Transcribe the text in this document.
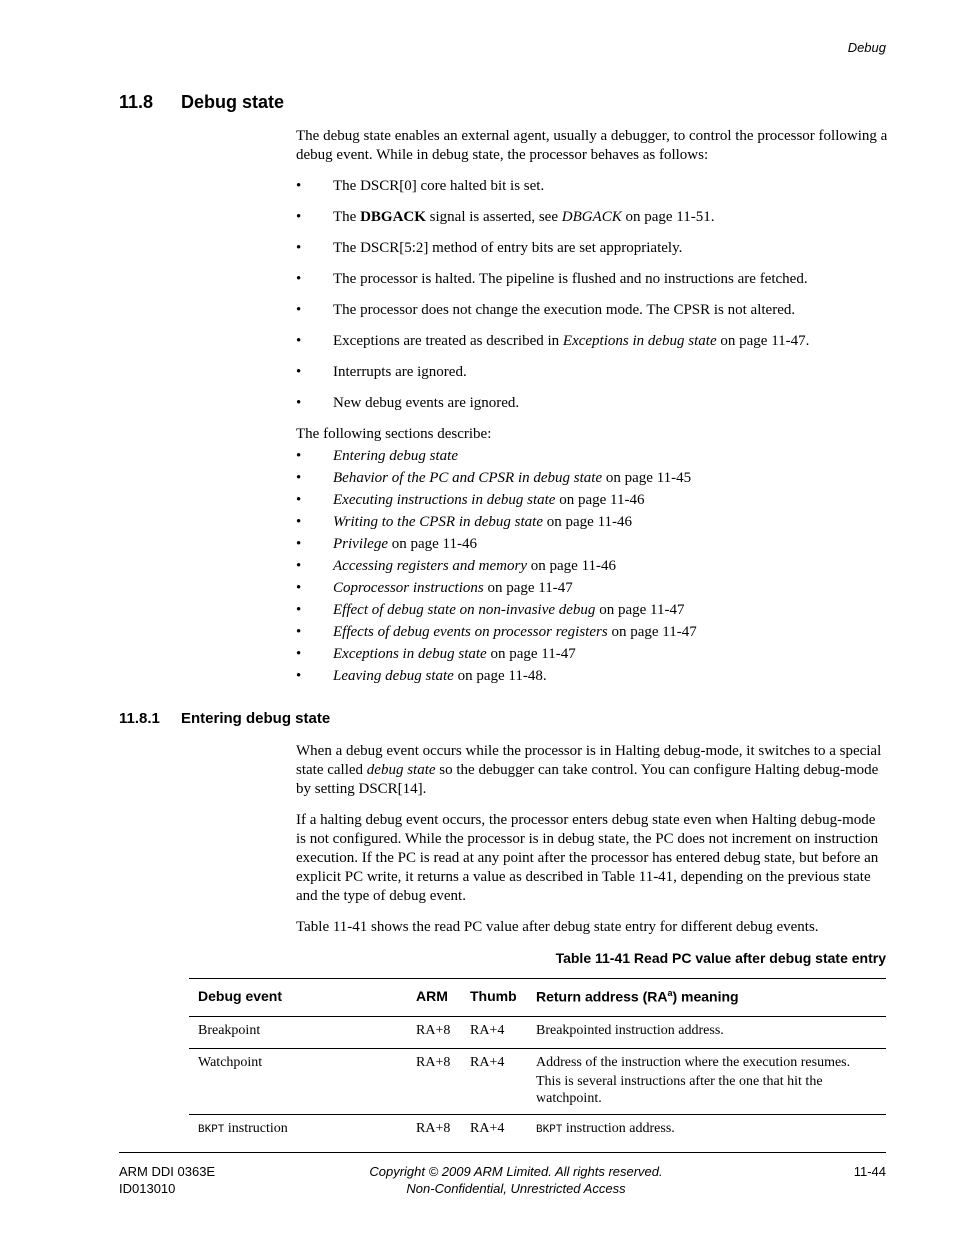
Debug
11.8 Debug state

The debug state enables an external agent, usually a debugger, to control the processor following a debug event. While in debug state, the processor behaves as follows:

• The DSCR[0] core halted bit is set.
• The DBGACK signal is asserted, see DBGACK on page 11-51.
• The DSCR[5:2] method of entry bits are set appropriately.
• The processor is halted. The pipeline is flushed and no instructions are fetched.
• The processor does not change the execution mode. The CPSR is not altered.
• Exceptions are treated as described in Exceptions in debug state on page 11-47.
• Interrupts are ignored.
• New debug events are ignored.

The following sections describe:

• Entering debug state
• Behavior of the PC and CPSR in debug state on page 11-45
• Executing instructions in debug state on page 11-46
• Writing to the CPSR in debug state on page 11-46
• Privilege on page 11-46
• Accessing registers and memory on page 11-46
• Coprocessor instructions on page 11-47
• Effect of debug state on non-invasive debug on page 11-47
• Effects of debug events on processor registers on page 11-47
• Exceptions in debug state on page 11-47
• Leaving debug state on page 11-48.
11.8.1 Entering debug state

When a debug event occurs while the processor is in Halting debug-mode, it switches to a special state called debug state so the debugger can take control. You can configure Halting debug-mode by setting DSCR[14].

If a halting debug event occurs, the processor enters debug state even when Halting debug-mode is not configured. While the processor is in debug state, the PC does not increment on instruction execution. If the PC is read at any point after the processor has entered debug state, but before an explicit PC write, it returns a value as described in Table 11-41, depending on the previous state and the type of debug event.

Table 11-41 shows the read PC value after debug state entry for different debug events.

Table 11-41 Read PC value after debug state entry
Debug event	ARM	Thumb	Return address $(RA^a)$ meaning
Breakpoint	RA+8	RA+4	Breakpointed instruction address.
Watchpoint	RA+8	RA+4	Address of the instruction where the execution resumes. This is several instructions after the one that hit the watchpoint.
BKPT instruction	RA+8	RA+4	BKPT instruction address.
ARM DDI 0363E
ID013010
Copyright © 2009 ARM Limited. All rights reserved.
Non-Confidential, Unrestricted Access
11-44
